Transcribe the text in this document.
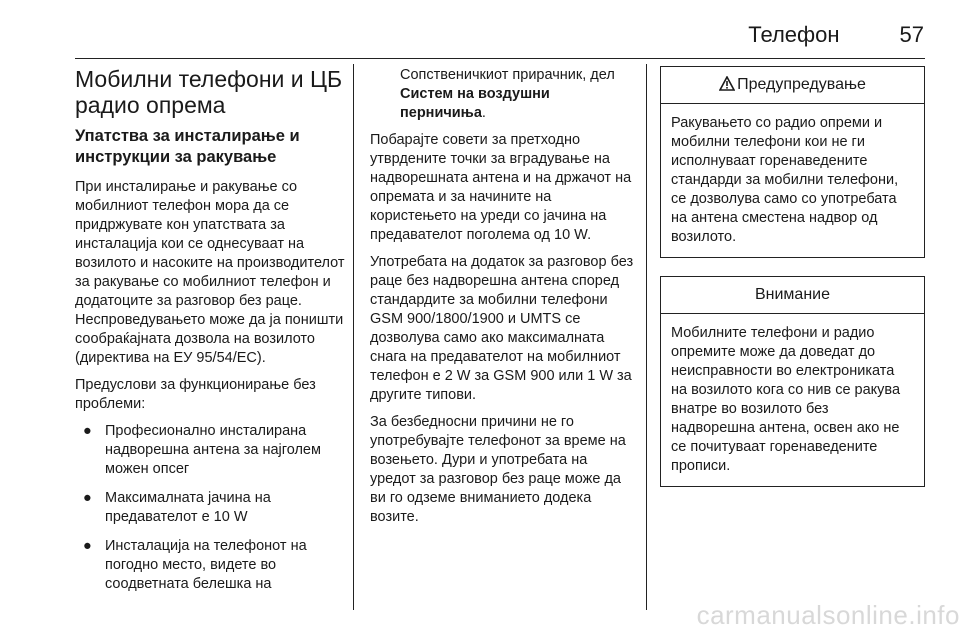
Телефон	57
Мобилни телефони и ЦБ радио опрема
Упатства за инсталирање и инструкции за ракување

При инсталирање и ракување со мобилниот телефон мора да се придржувате кон упатствата за инсталација кои се однесуваат на возилото и насоките на производителот за ракување со мобилниот телефон и додатоците за разговор без раце. Неспроведувањето може да ја поништи сообраќајната дозвола на возилото (директива на ЕУ 95/54/ЕС).

Предуслови за функционирање без проблеми:

● Професионално инсталирана надворешна антена за најголем можен опсег
● Максималната јачина на предавателот е 10 W
● Инсталација на телефонот на погодно место, видете во соодветната белешка на

Сопственичкиот прирачник, дел Систем на воздушни перничиња.

Побарајте совети за претходно утврдените точки за вградување на надворешната антена и на држачот на опремата и за начините на користењето на уреди со јачина на предавателот поголема од 10 W.

Употребата на додаток за разговор без раце без надворешна антена според стандардите за мобилни телефони GSM 900/1800/1900 и UMTS се дозволува само ако максималната снага на предавателот на мобилниот телефон е 2 W за GSM 900 или 1 W за другите типови.

За безбедносни причини не го употребувајте телефонот за време на возењето. Дури и употребата на уредот за разговор без раце може да ви го одземе вниманието додека возите.

Предупредување

Ракувањето со радио опреми и мобилни телефони кои не ги исполнуваат горенаведените стандарди за мобилни телефони, се дозволува само со употребата на антена сместена надвор од возилото.

Внимание

Мобилните телефони и радио опремите може да доведат до неисправности во електрониката на возилото кога со нив се ракува внатре во возилото без надворешна антена, освен ако не се почитуваат горенаведените прописи.

carmanualsonline.info
